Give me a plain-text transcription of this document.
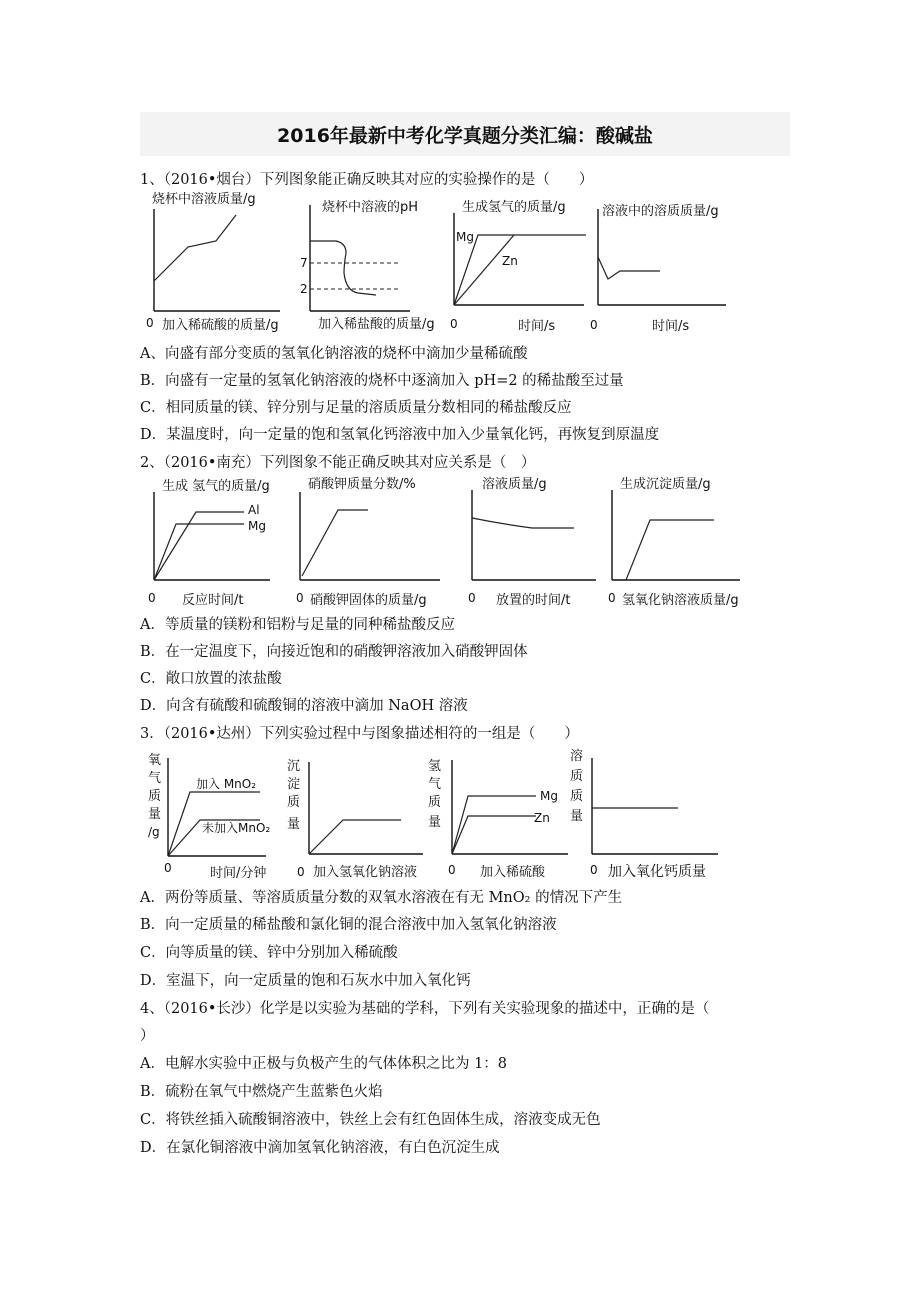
2016年最新中考化学真题分类汇编：酸碱盐
1、（2016•烟台）下列图象能正确反映其对应的实验操作的是（　　）
烧杯中溶液质量/g
0 加入稀硫酸的质量/g
烧杯中溶液的pH
7
2
加入稀盐酸的质量/g
生成氢气的质量/g
Mg
Zn
0	时间/s
溶液中的溶质质量/g
0	时间/s
A、向盛有部分变质的氢氧化钠溶液的烧杯中滴加少量稀硫酸
B．向盛有一定量的氢氧化钠溶液的烧杯中逐滴加入 pH=2 的稀盐酸至过量
C．相同质量的镁、锌分别与足量的溶质质量分数相同的稀盐酸反应
D．某温度时，向一定量的饱和氢氧化钙溶液中加入少量氧化钙，再恢复到原温度
2、（2016•南充）下列图象不能正确反映其对应关系是（　）
生成 氢气的质量/g
Al
Mg
0 反应时间/t
硝酸钾质量分数/%
0 硝酸钾固体的质量/g
溶液质量/g
0 放置的时间/t
生成沉淀质量/g
0 氢氧化钠溶液质量/g
A．等质量的镁粉和铝粉与足量的同种稀盐酸反应
B．在一定温度下，向接近饱和的硝酸钾溶液加入硝酸钾固体
C．敞口放置的浓盐酸
D．向含有硫酸和硫酸铜的溶液中滴加 NaOH 溶液
3．（2016•达州）下列实验过程中与图象描述相符的一组是（　　）
氧
气
质
量
/g
加入 MnO₂
未加入MnO₂
0	时间/分钟
沉
淀
质
量
0 加入氢氧化钠溶液
氢
气
质
量
Mg
Zn
0 加入稀硫酸
溶
质
质
量
0 加入氧化钙质量
A．两份等质量、等溶质质量分数的双氧水溶液在有无 MnO₂ 的情况下产生
B．向一定质量的稀盐酸和氯化铜的混合溶液中加入氢氧化钠溶液
C．向等质量的镁、锌中分别加入稀硫酸
D．室温下，向一定质量的饱和石灰水中加入氧化钙
4、（2016•长沙）化学是以实验为基础的学科，下列有关实验现象的描述中，正确的是（
）
A．电解水实验中正极与负极产生的气体体积之比为 1：8
B．硫粉在氧气中燃烧产生蓝紫色火焰
C．将铁丝插入硫酸铜溶液中，铁丝上会有红色固体生成，溶液变成无色
D．在氯化铜溶液中滴加氢氧化钠溶液，有白色沉淀生成
